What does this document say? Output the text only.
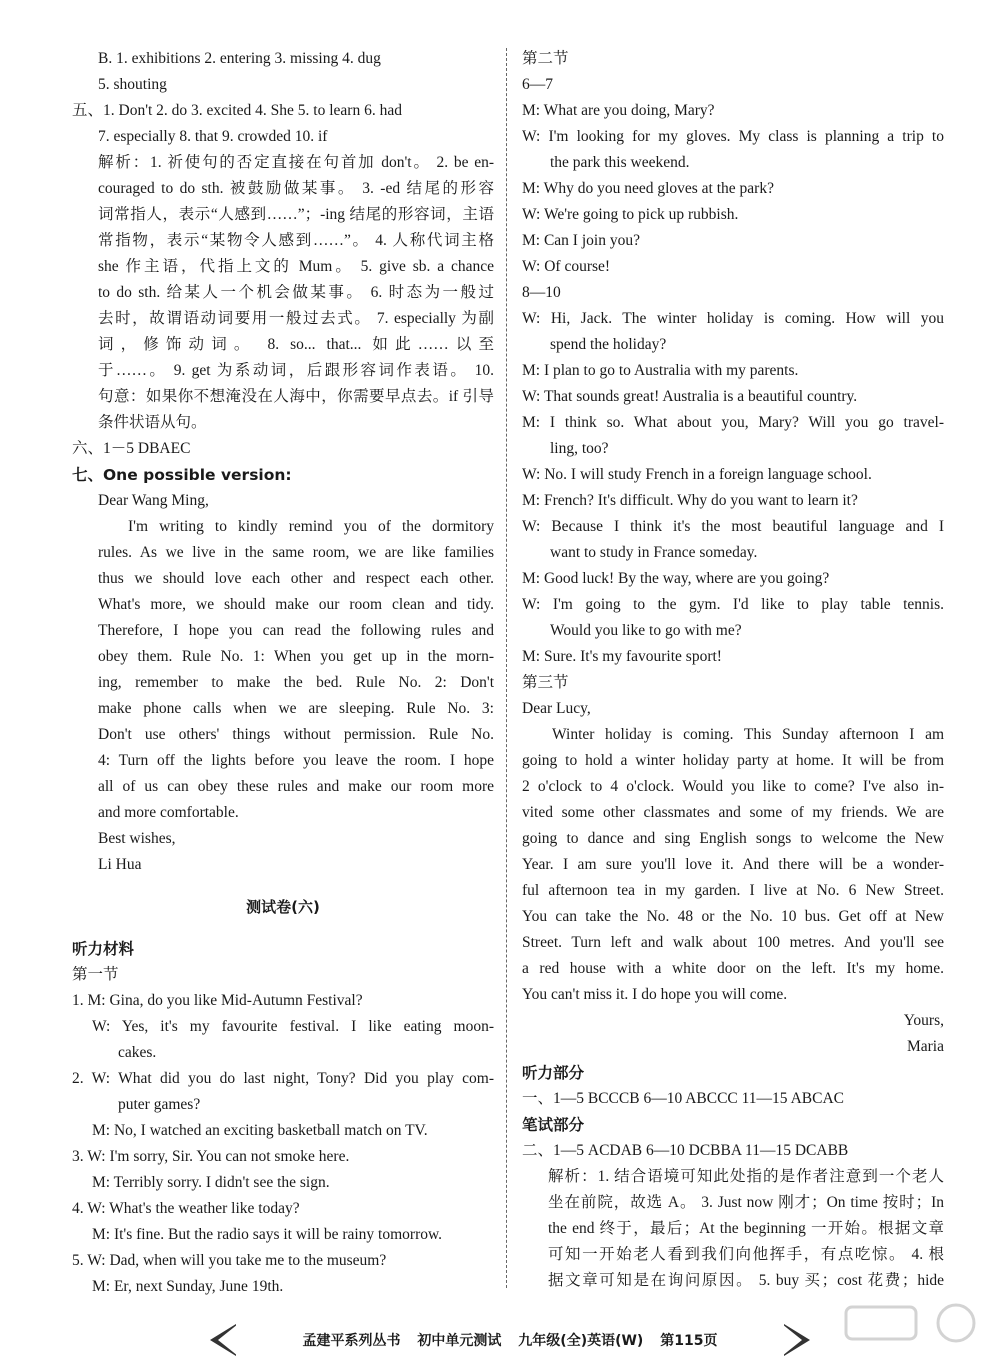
B. 1. exhibitions 2. entering 3. missing 4. dug
5. shouting
五、1. Don't 2. do 3. excited 4. She 5. to learn 6. had
7. especially 8. that 9. crowded 10. if
解析：1. 祈使句的否定直接在句首加 don't。 2. be en-
couraged to do sth. 被鼓励做某事。 3. -ed 结尾的形容
词常指人，表示“人感到……”；-ing 结尾的形容词，主语
常指物，表示“某物令人感到……”。 4. 人称代词主格
she 作主语，代指上文的 Mum。 5. give sb. a chance
to do sth. 给某人一个机会做某事。 6. 时态为一般过
去时，故谓语动词要用一般过去式。 7. especially 为副
词，修饰动词。 8. so... that... 如此……以至
于……。 9. get 为系动词，后跟形容词作表语。 10.
句意：如果你不想淹没在人海中，你需要早点去。if 引导
条件状语从句。
六、1－5 DBAEC
七、One possible version:
Dear Wang Ming,
I'm writing to kindly remind you of the dormitory
rules. As we live in the same room, we are like families
thus we should love each other and respect each other.
What's more, we should make our room clean and tidy.
Therefore, I hope you can read the following rules and
obey them. Rule No. 1: When you get up in the morn-
ing, remember to make the bed. Rule No. 2: Don't
make phone calls when we are sleeping. Rule No. 3:
Don't use others' things without permission. Rule No.
4: Turn off the lights before you leave the room. I hope
all of us can obey these rules and make our room more
and more comfortable.
Best wishes,
Li Hua
测试卷(六)
听力材料
第一节
1. M: Gina, do you like Mid-Autumn Festival?
W: Yes, it's my favourite festival. I like eating moon-
cakes.
2. W: What did you do last night, Tony? Did you play com-
puter games?
M: No, I watched an exciting basketball match on TV.
3. W: I'm sorry, Sir. You can not smoke here.
M: Terribly sorry. I didn't see the sign.
4. W: What's the weather like today?
M: It's fine. But the radio says it will be rainy tomorrow.
5. W: Dad, when will you take me to the museum?
M: Er, next Sunday, June 19th.
第二节
6—7
M: What are you doing, Mary?
W: I'm looking for my gloves. My class is planning a trip to
the park this weekend.
M: Why do you need gloves at the park?
W: We're going to pick up rubbish.
M: Can I join you?
W: Of course!
8—10
W: Hi, Jack. The winter holiday is coming. How will you
spend the holiday?
M: I plan to go to Australia with my parents.
W: That sounds great! Australia is a beautiful country.
M: I think so. What about you, Mary? Will you go travel-
ling, too?
W: No. I will study French in a foreign language school.
M: French? It's difficult. Why do you want to learn it?
W: Because I think it's the most beautiful language and I
want to study in France someday.
M: Good luck! By the way, where are you going?
W: I'm going to the gym. I'd like to play table tennis.
Would you like to go with me?
M: Sure. It's my favourite sport!
第三节
Dear Lucy,
Winter holiday is coming. This Sunday afternoon I am
going to hold a winter holiday party at home. It will be from
2 o'clock to 4 o'clock. Would you like to come? I've also in-
vited some other classmates and some of my friends. We are
going to dance and sing English songs to welcome the New
Year. I am sure you'll love it. And there will be a wonder-
ful afternoon tea in my garden. I live at No. 6 New Street.
You can take the No. 48 or the No. 10 bus. Get off at New
Street. Turn left and walk about 100 metres. And you'll see
a red house with a white door on the left. It's my home.
You can't miss it. I do hope you will come.
Yours,
Maria
听力部分
一、1—5 BCCCB 6—10 ABCCC 11—15 ABCAC
笔试部分
二、1—5 ACDAB 6—10 DCBBA 11—15 DCABB
解析：1. 结合语境可知此处指的是作者注意到一个老人
坐在前院，故选 A。 3. Just now 刚才；On time 按时；In
the end 终于，最后；At the beginning 一开始。根据文章
可知一开始老人看到我们向他挥手，有点吃惊。 4. 根
据文章可知是在询问原因。 5. buy 买；cost 花费；hide
孟建平系列丛书 初中单元测试 九年级(全)英语(W) 第115页
